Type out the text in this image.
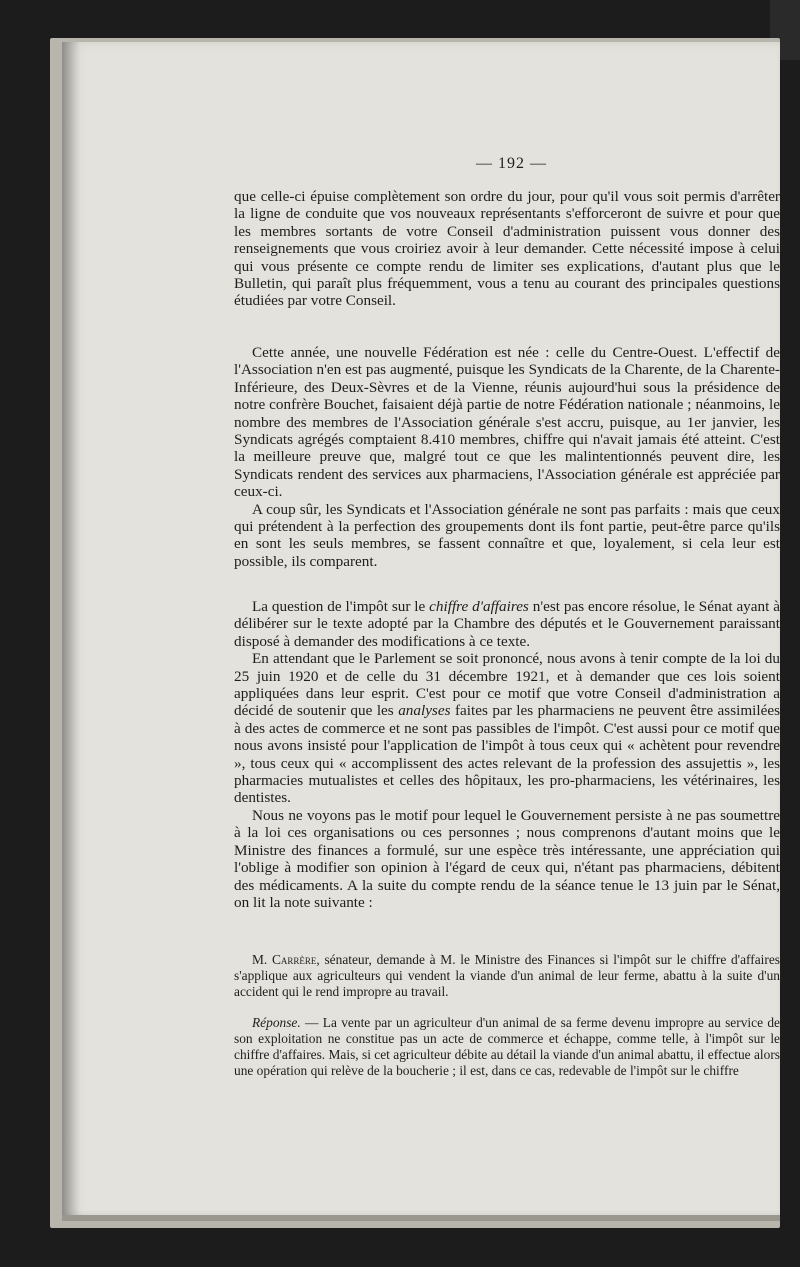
— 192 —

que celle-ci épuise complètement son ordre du jour, pour qu'il vous soit permis d'arrêter la ligne de conduite que vos nouveaux représentants s'efforceront de suivre et pour que les membres sortants de votre Conseil d'administration puissent vous donner des renseignements que vous croiriez avoir à leur demander. Cette nécessité impose à celui qui vous présente ce compte rendu de limiter ses explications, d'autant plus que le Bulletin, qui paraît plus fréquemment, vous a tenu au courant des principales questions étudiées par votre Conseil.

Cette année, une nouvelle Fédération est née : celle du Centre-Ouest. L'effectif de l'Association n'en est pas augmenté, puisque les Syndicats de la Charente, de la Charente-Inférieure, des Deux-Sèvres et de la Vienne, réunis aujourd'hui sous la présidence de notre confrère Bouchet, faisaient déjà partie de notre Fédération nationale ; néanmoins, le nombre des membres de l'Association générale s'est accru, puisque, au 1er janvier, les Syndicats agrégés comptaient 8.410 membres, chiffre qui n'avait jamais été atteint. C'est la meilleure preuve que, malgré tout ce que les malintentionnés peuvent dire, les Syndicats rendent des services aux pharmaciens, l'Association générale est appréciée par ceux-ci.

A coup sûr, les Syndicats et l'Association générale ne sont pas parfaits : mais que ceux qui prétendent à la perfection des groupements dont ils font partie, peut-être parce qu'ils en sont les seuls membres, se fassent connaître et que, loyalement, si cela leur est possible, ils comparent.

La question de l'impôt sur le chiffre d'affaires n'est pas encore résolue, le Sénat ayant à délibérer sur le texte adopté par la Chambre des députés et le Gouvernement paraissant disposé à demander des modifications à ce texte.

En attendant que le Parlement se soit prononcé, nous avons à tenir compte de la loi du 25 juin 1920 et de celle du 31 décembre 1921, et à demander que ces lois soient appliquées dans leur esprit. C'est pour ce motif que votre Conseil d'administration a décidé de soutenir que les analyses faites par les pharmaciens ne peuvent être assimilées à des actes de commerce et ne sont pas passibles de l'impôt. C'est aussi pour ce motif que nous avons insisté pour l'application de l'impôt à tous ceux qui « achètent pour revendre », tous ceux qui « accomplissent des actes relevant de la profession des assujettis », les pharmacies mutualistes et celles des hôpitaux, les pro-pharmaciens, les vétérinaires, les dentistes.

Nous ne voyons pas le motif pour lequel le Gouvernement persiste à ne pas soumettre à la loi ces organisations ou ces personnes ; nous comprenons d'autant moins que le Ministre des finances a formulé, sur une espèce très intéressante, une appréciation qui l'oblige à modifier son opinion à l'égard de ceux qui, n'étant pas pharmaciens, débitent des médicaments. A la suite du compte rendu de la séance tenue le 13 juin par le Sénat, on lit la note suivante :

M. Carrère, sénateur, demande à M. le Ministre des Finances si l'impôt sur le chiffre d'affaires s'applique aux agriculteurs qui vendent la viande d'un animal de leur ferme, abattu à la suite d'un accident qui le rend impropre au travail.

Réponse. — La vente par un agriculteur d'un animal de sa ferme devenu impropre au service de son exploitation ne constitue pas un acte de commerce et échappe, comme telle, à l'impôt sur le chiffre d'affaires. Mais, si cet agriculteur débite au détail la viande d'un animal abattu, il effectue alors une opération qui relève de la boucherie ; il est, dans ce cas, redevable de l'impôt sur le chiffre
